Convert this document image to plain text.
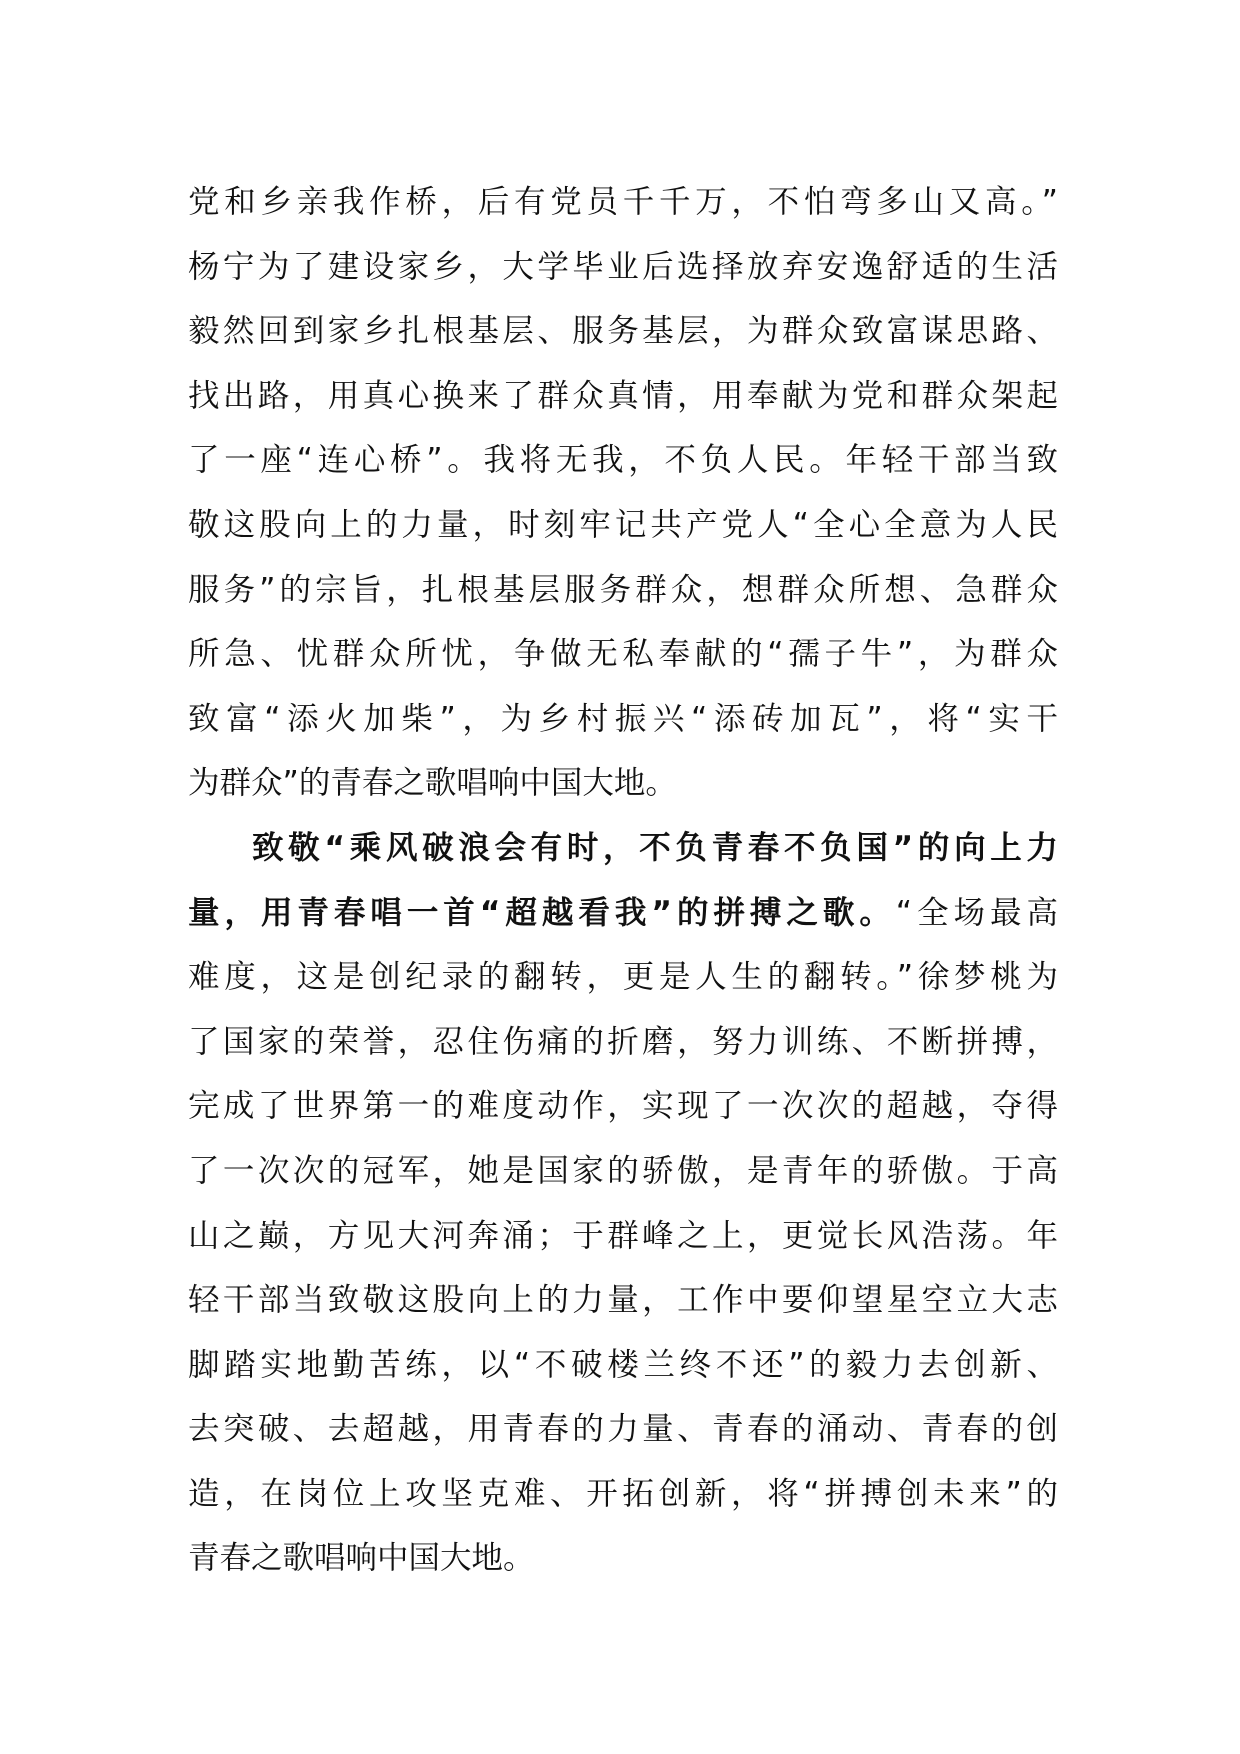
党和乡亲我作桥，后有党员千千万，不怕弯多山又高。”
杨宁为了建设家乡，大学毕业后选择放弃安逸舒适的生活
毅然回到家乡扎根基层、服务基层，为群众致富谋思路、
找出路，用真心换来了群众真情，用奉献为党和群众架起
了一座“连心桥”。我将无我，不负人民。年轻干部当致
敬这股向上的力量，时刻牢记共产党人“全心全意为人民
服务”的宗旨，扎根基层服务群众，想群众所想、急群众
所急、忧群众所忧，争做无私奉献的“孺子牛”，为群众
致富“添火加柴”，为乡村振兴“添砖加瓦”，将“实干
为群众”的青春之歌唱响中国大地。
致敬“乘风破浪会有时，不负青春不负国”的向上力
量，用青春唱一首“超越看我”的拼搏之歌。“全场最高
难度，这是创纪录的翻转，更是人生的翻转。”徐梦桃为
了国家的荣誉，忍住伤痛的折磨，努力训练、不断拼搏，
完成了世界第一的难度动作，实现了一次次的超越，夺得
了一次次的冠军，她是国家的骄傲，是青年的骄傲。于高
山之巅，方见大河奔涌；于群峰之上，更觉长风浩荡。年
轻干部当致敬这股向上的力量，工作中要仰望星空立大志
脚踏实地勤苦练，以“不破楼兰终不还”的毅力去创新、
去突破、去超越，用青春的力量、青春的涌动、青春的创
造，在岗位上攻坚克难、开拓创新，将“拼搏创未来”的
青春之歌唱响中国大地。
